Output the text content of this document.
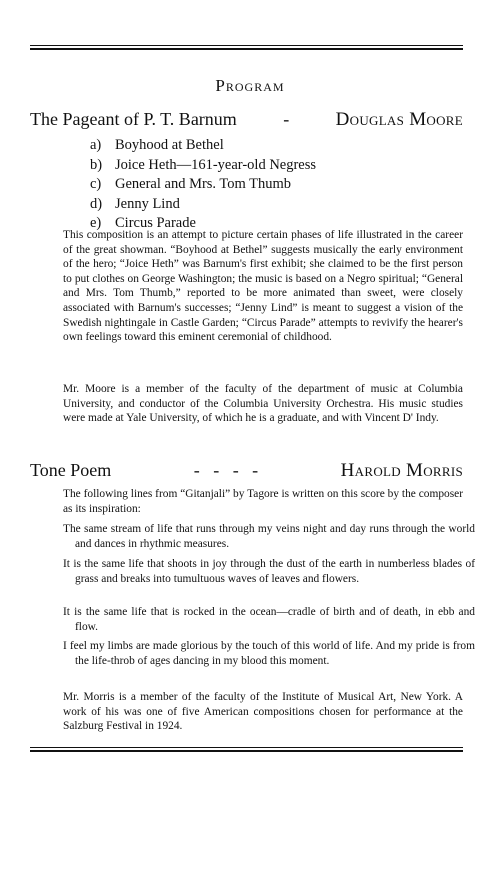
Program
The Pageant of P. T. Barnum	-	Douglas Moore
a) Boyhood at Bethel
b) Joice Heth—161-year-old Negress
c) General and Mrs. Tom Thumb
d) Jenny Lind
e) Circus Parade

This composition is an attempt to picture certain phases of life illustrated in the career of the great showman. “Boyhood at Bethel” suggests musically the early environment of the hero; “Joice Heth” was Barnum's first exhibit; she claimed to be the first person to put clothes on George Washington; the music is based on a Negro spiritual; “General and Mrs. Tom Thumb,” reported to be more animated than sweet, were closely associated with Barnum's successes; “Jenny Lind” is meant to suggest a vision of the Swedish nightingale in Castle Garden; “Circus Parade” attempts to revivify the hearer's own feelings toward this eminent ceremonial of childhood.

Mr. Moore is a member of the faculty of the department of music at Columbia University, and conductor of the Columbia University Orchestra. His music studies were made at Yale University, of which he is a graduate, and with Vincent D' Indy.

Tone Poem	-   -   -   -	Harold Morris

The following lines from “Gitanjali” by Tagore is written on this score by the composer as its inspiration:

The same stream of life that runs through my veins night and day runs through the world and dances in rhythmic measures.

It is the same life that shoots in joy through the dust of the earth in numberless blades of grass and breaks into tumultuous waves of leaves and flowers.

It is the same life that is rocked in the ocean—cradle of birth and of death, in ebb and flow.

I feel my limbs are made glorious by the touch of this world of life. And my pride is from the life-throb of ages dancing in my blood this moment.

Mr. Morris is a member of the faculty of the Institute of Musical Art, New York. A work of his was one of five American compositions chosen for performance at the Salzburg Festival in 1924.
